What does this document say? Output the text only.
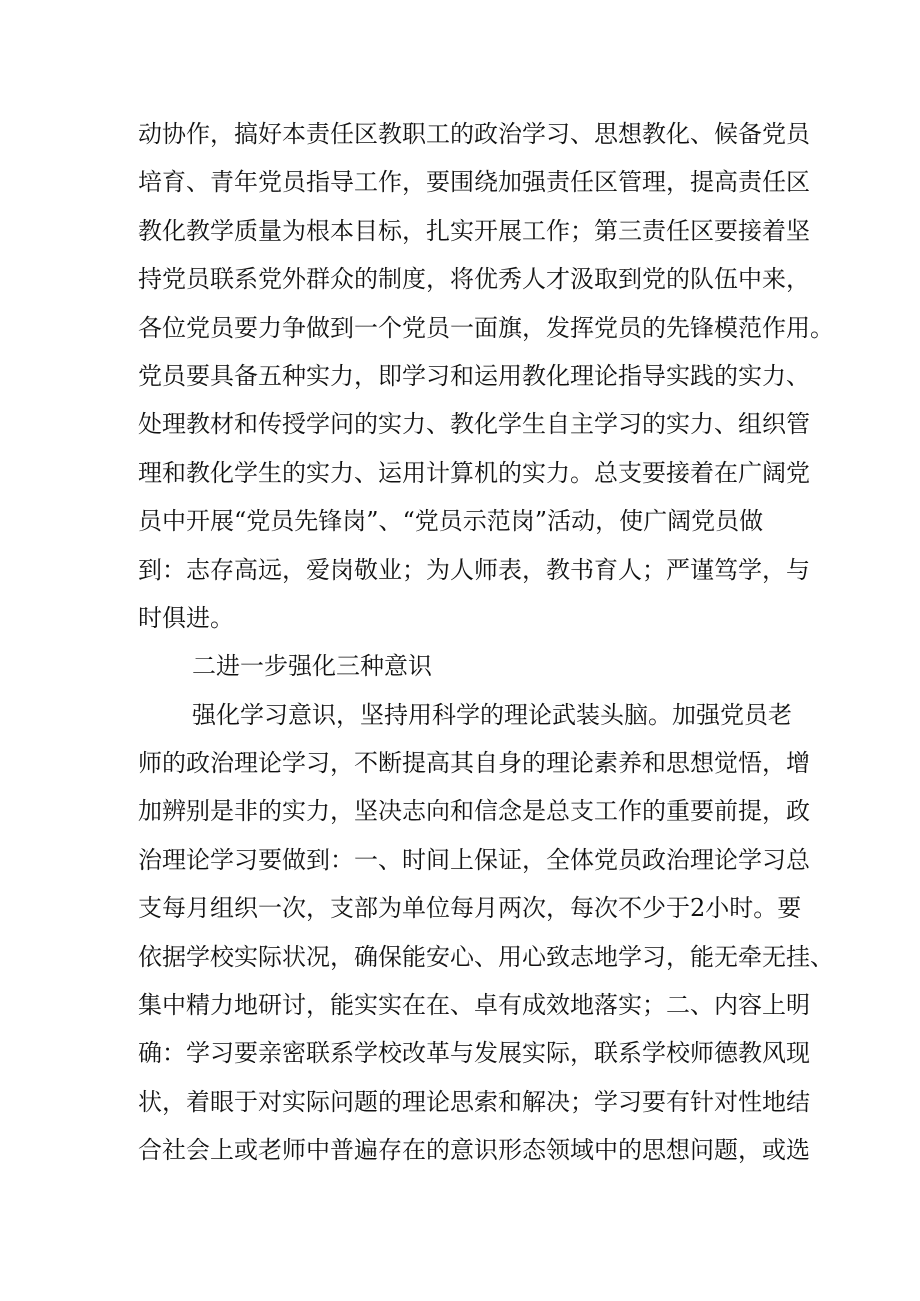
动协作，搞好本责任区教职工的政治学习、思想教化、候备党员
培育、青年党员指导工作，要围绕加强责任区管理，提高责任区
教化教学质量为根本目标，扎实开展工作；第三责任区要接着坚
持党员联系党外群众的制度，将优秀人才汲取到党的队伍中来，
各位党员要力争做到一个党员一面旗，发挥党员的先锋模范作用。
党员要具备五种实力，即学习和运用教化理论指导实践的实力、
处理教材和传授学问的实力、教化学生自主学习的实力、组织管
理和教化学生的实力、运用计算机的实力。总支要接着在广阔党
员中开展“党员先锋岗”、“党员示范岗”活动，使广阔党员做
到：志存高远，爱岗敬业；为人师表，教书育人；严谨笃学，与
时俱进。
二进一步强化三种意识
强化学习意识，坚持用科学的理论武装头脑。加强党员老
师的政治理论学习，不断提高其自身的理论素养和思想觉悟，增
加辨别是非的实力，坚决志向和信念是总支工作的重要前提，政
治理论学习要做到：一、时间上保证，全体党员政治理论学习总
支每月组织一次，支部为单位每月两次，每次不少于2小时。要
依据学校实际状况，确保能安心、用心致志地学习，能无牵无挂、
集中精力地研讨，能实实在在、卓有成效地落实；二、内容上明
确：学习要亲密联系学校改革与发展实际，联系学校师德教风现
状，着眼于对实际问题的理论思索和解决；学习要有针对性地结
合社会上或老师中普遍存在的意识形态领域中的思想问题，或选
